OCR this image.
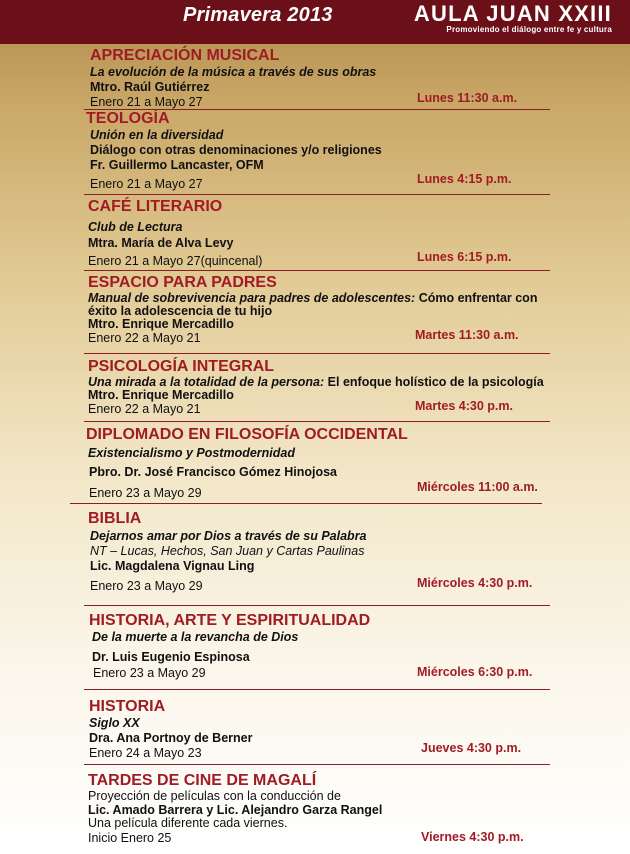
Primavera 2013	AULA JUAN XXIII
Promoviendo el diálogo entre fe y cultura
APRECIACIÓN MUSICAL
La evolución de la música a través de sus obras
Mtro. Raúl Gutiérrez
Enero 21 a Mayo 27	Lunes 11:30 a.m.
TEOLOGÍA
Unión en la diversidad
Diálogo con otras denominaciones y/o religiones
Fr. Guillermo Lancaster, OFM
Enero 21 a Mayo 27	Lunes 4:15 p.m.
CAFÉ LITERARIO
Club de Lectura
Mtra. María de Alva Levy
Enero 21 a Mayo 27(quincenal)	Lunes 6:15 p.m.
ESPACIO PARA PADRES
Manual de sobrevivencia para padres de adolescentes: Cómo enfrentar con
éxito la adolescencia de tu hijo
Mtro. Enrique Mercadillo
Enero 22 a Mayo 21	Martes 11:30 a.m.
PSICOLOGÍA INTEGRAL
Una mirada a la totalidad de la persona: El enfoque holístico de la psicología
Mtro. Enrique Mercadillo
Enero 22 a Mayo 21	Martes 4:30 p.m.
DIPLOMADO EN FILOSOFÍA OCCIDENTAL
Existencialismo y Postmodernidad
Pbro. Dr. José Francisco Gómez Hinojosa
Enero 23 a Mayo 29	Miércoles 11:00 a.m.
BIBLIA
Dejarnos amar por Dios a través de su Palabra
NT – Lucas, Hechos, San Juan y Cartas Paulinas
Lic. Magdalena Vignau Ling
Enero 23 a Mayo 29	Miércoles 4:30 p.m.
HISTORIA, ARTE Y ESPIRITUALIDAD
De la muerte a la revancha de Dios
Dr. Luis Eugenio Espinosa
Enero 23 a Mayo 29	Miércoles 6:30 p.m.
HISTORIA
Siglo XX
Dra. Ana Portnoy de Berner
Enero 24 a Mayo 23	Jueves 4:30 p.m.
TARDES DE CINE DE MAGALÍ
Proyección de películas con la conducción de
Lic. Amado Barrera y Lic. Alejandro Garza Rangel
Una película diferente cada viernes.
Inicio Enero 25	Viernes 4:30 p.m.
